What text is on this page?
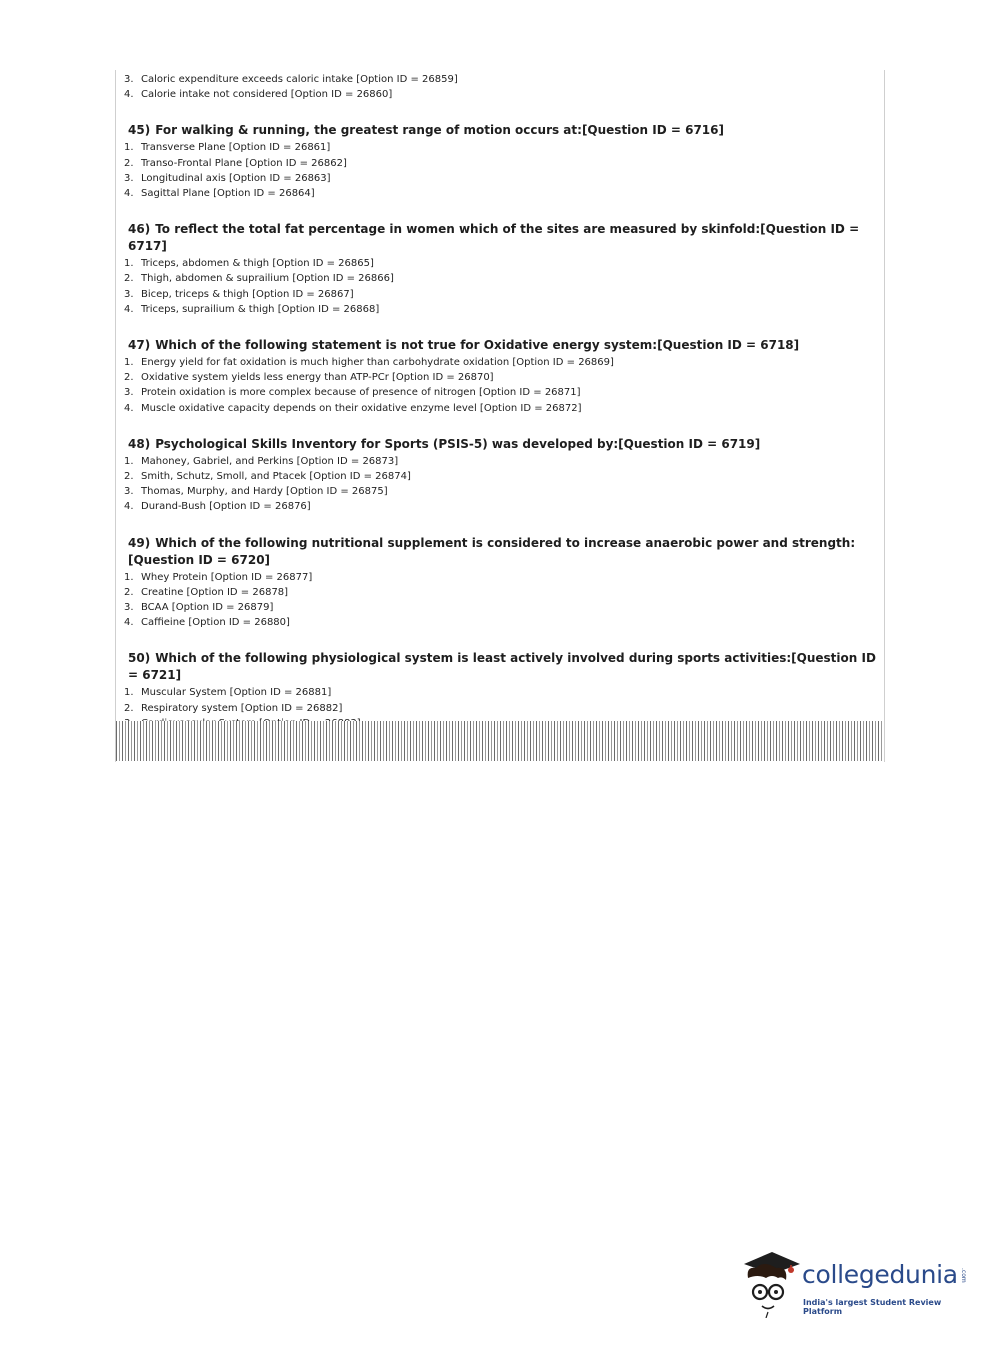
3. Caloric expenditure exceeds caloric intake [Option ID = 26859]
4. Calorie intake not considered [Option ID = 26860]
45) For walking & running, the greatest range of motion occurs at:[Question ID = 6716]
1. Transverse Plane [Option ID = 26861]
2. Transo-Frontal Plane [Option ID = 26862]
3. Longitudinal axis [Option ID = 26863]
4. Sagittal Plane [Option ID = 26864]
46) To reflect the total fat percentage in women which of the sites are measured by skinfold:[Question ID = 6717]
1. Triceps, abdomen & thigh [Option ID = 26865]
2. Thigh, abdomen & suprailium [Option ID = 26866]
3. Bicep, triceps & thigh [Option ID = 26867]
4. Triceps, suprailium & thigh [Option ID = 26868]
47) Which of the following statement is not true for Oxidative energy system:[Question ID = 6718]
1. Energy yield for fat oxidation is much higher than carbohydrate oxidation [Option ID = 26869]
2. Oxidative system yields less energy than ATP-PCr [Option ID = 26870]
3. Protein oxidation is more complex because of presence of nitrogen [Option ID = 26871]
4. Muscle oxidative capacity depends on their oxidative enzyme level [Option ID = 26872]
48) Psychological Skills Inventory for Sports (PSIS-5) was developed by:[Question ID = 6719]
1. Mahoney, Gabriel, and Perkins [Option ID = 26873]
2. Smith, Schutz, Smoll, and Ptacek [Option ID = 26874]
3. Thomas, Murphy, and Hardy [Option ID = 26875]
4. Durand-Bush [Option ID = 26876]
49) Which of the following nutritional supplement is considered to increase anaerobic power and strength:     [Question ID = 6720]
1. Whey Protein [Option ID = 26877]
2. Creatine [Option ID = 26878]
3. BCAA [Option ID = 26879]
4. Caffieine [Option ID = 26880]
50) Which of the following physiological system is least actively involved during sports activities:[Question ID = 6721]
1. Muscular System [Option ID = 26881]
2. Respiratory system [Option ID = 26882]
collegedunia .com
India's largest Student Review Platform
